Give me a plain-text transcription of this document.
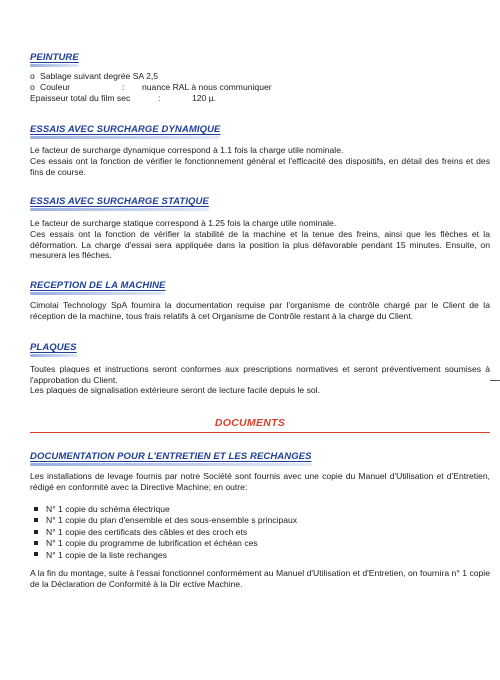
PEINTURE
o Sablage suivant degrée SA 2,5
o Couleur	: nuance RAL à nous communiquer
Epaisseur total du film sec	:	120 µ.
ESSAIS AVEC SURCHARGE DYNAMIQUE
Le facteur de surcharge dynamique correspond à 1.1 fois la charge utile nominale.
Ces essais ont la fonction de vérifier le fonctionnement général et l'efficacité des dispositifs, en détail des freins et des fins de course.
ESSAIS AVEC SURCHARGE STATIQUE
Le facteur de surcharge statique correspond à 1.25 fois la charge utile nominale.
Ces essais ont la fonction de vérifier la stabilité de la machine et la tenue des freins, ainsi que les flèches et la déformation. La charge d'essai sera appliquée dans la position la plus défavorable pendant 15 minutes. Ensuite, on mesurera les flèches.
RECEPTION DE LA MACHINE
Cimolai Technology SpA fournira la documentation requise par l'organisme de contrôle chargé par le Client de la réception de la machine, tous frais relatifs à cet Organisme de Contrôle restant à la charge du Client.
PLAQUES
Toutes plaques et instructions seront conformes aux prescriptions normatives et seront préventivement soumises à l'approbation du Client.
Les plaques de signalisation extérieure seront de lecture facile depuis le sol.
DOCUMENTS
DOCUMENTATION POUR L'ENTRETIEN ET LES RECHANGES
Les installations de levage fournis par notre Société sont fournis avec une copie du Manuel d'Utilisation et d'Entretien, rédigé en conformité avec la Directive Machine; en outre:
N° 1 copie du schéma électrique
N° 1 copie du plan d'ensemble et des sous-ensemble s principaux
N° 1 copie des certificats des câbles et des croch ets
N° 1 copie du programme de lubrification et échéan ces
N° 1 copie de la liste rechanges
A la fin du montage, suite à l'essai fonctionnel conformément au Manuel d'Utilisation et d'Entretien, on fournira n° 1 copie de la Déclaration de Conformité à la Dir ective Machine.
